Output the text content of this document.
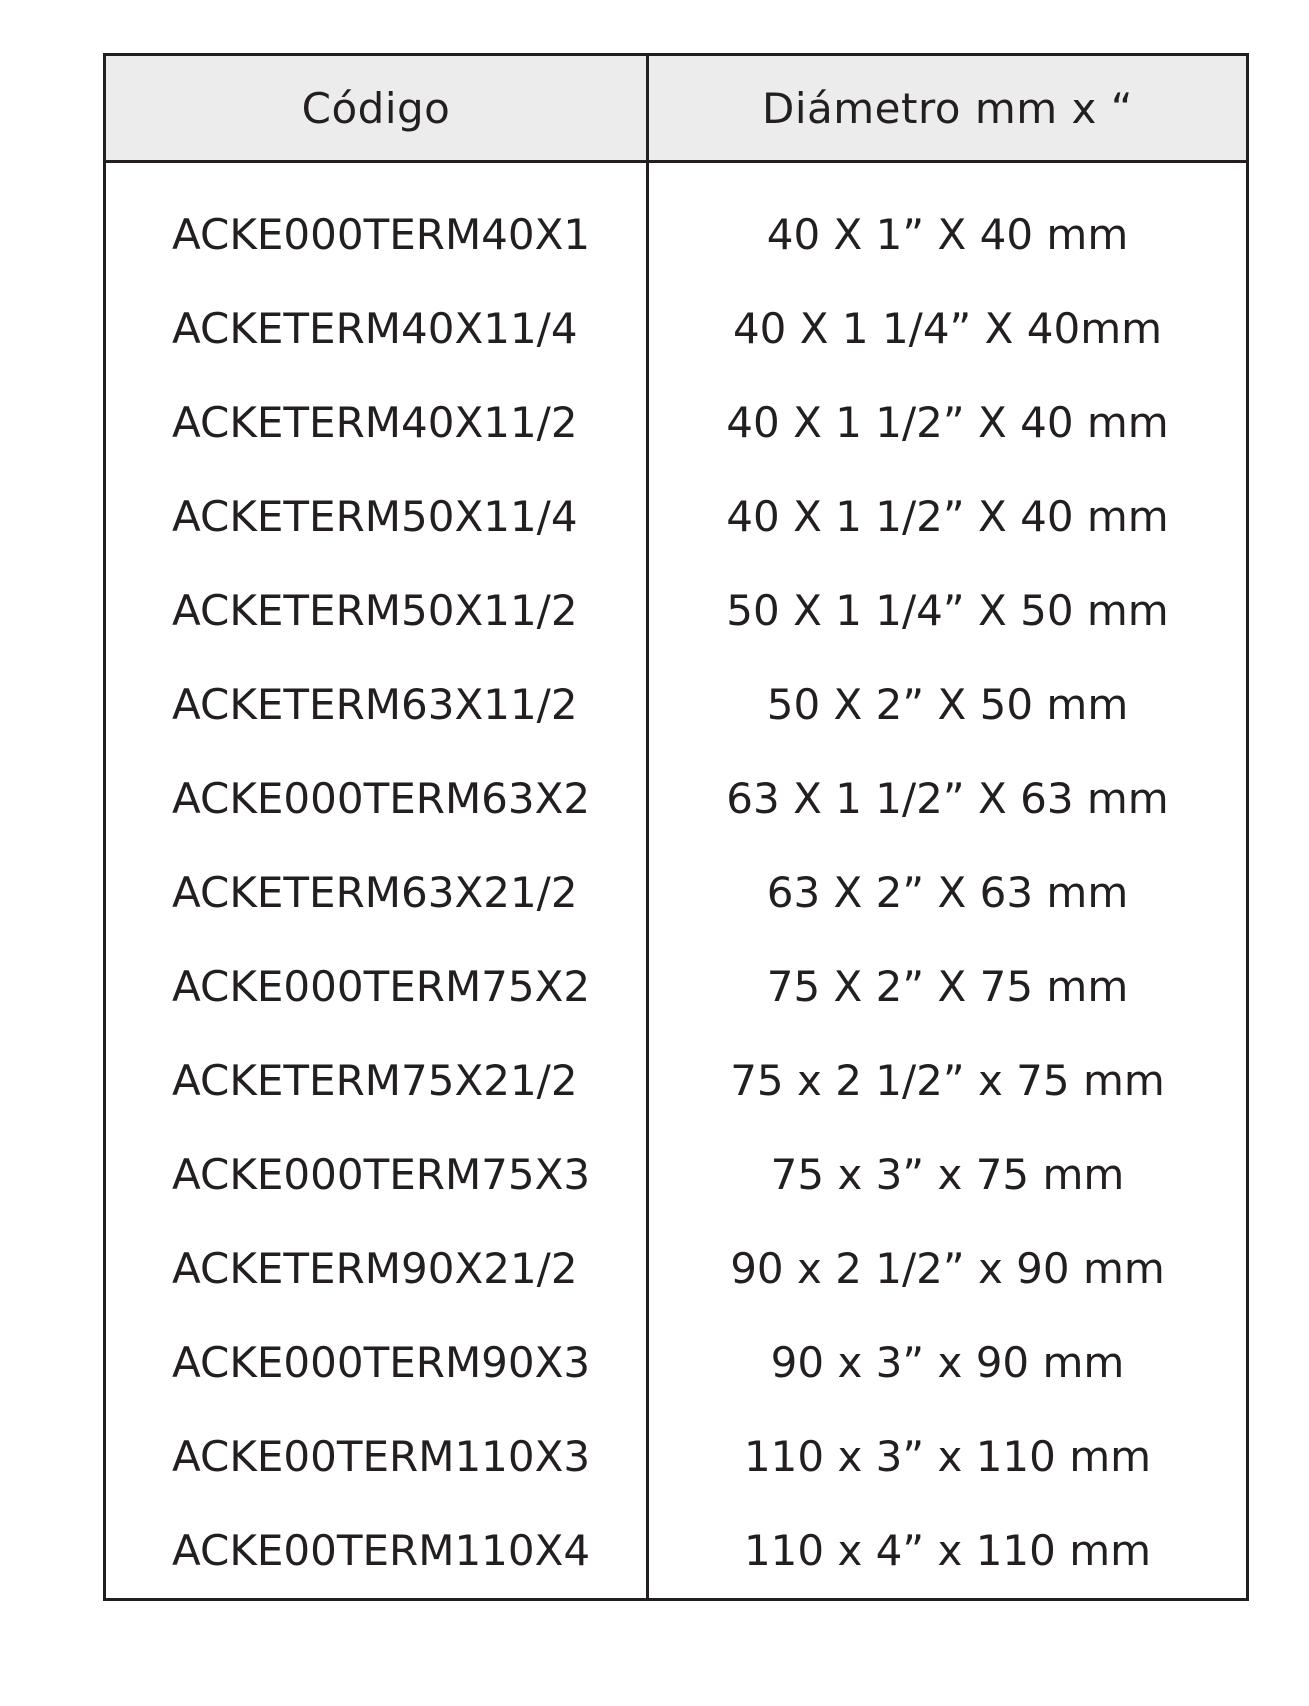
Código	Diámetro mm x “
ACKE000TERM40X1	40 X 1” X 40 mm
ACKETERM40X11/4	40 X 1 1/4” X 40mm
ACKETERM40X11/2	40 X 1 1/2” X 40 mm
ACKETERM50X11/4	40 X 1 1/2” X 40 mm
ACKETERM50X11/2	50 X 1 1/4” X 50 mm
ACKETERM63X11/2	50 X 2” X 50 mm
ACKE000TERM63X2	63 X 1 1/2” X 63 mm
ACKETERM63X21/2	63 X 2” X 63 mm
ACKE000TERM75X2	75 X 2” X 75 mm
ACKETERM75X21/2	75 x 2 1/2” x 75 mm
ACKE000TERM75X3	75 x 3” x 75 mm
ACKETERM90X21/2	90 x 2 1/2” x 90 mm
ACKE000TERM90X3	90 x 3” x 90 mm
ACKE00TERM110X3	110 x 3” x 110 mm
ACKE00TERM110X4	110 x 4” x 110 mm
